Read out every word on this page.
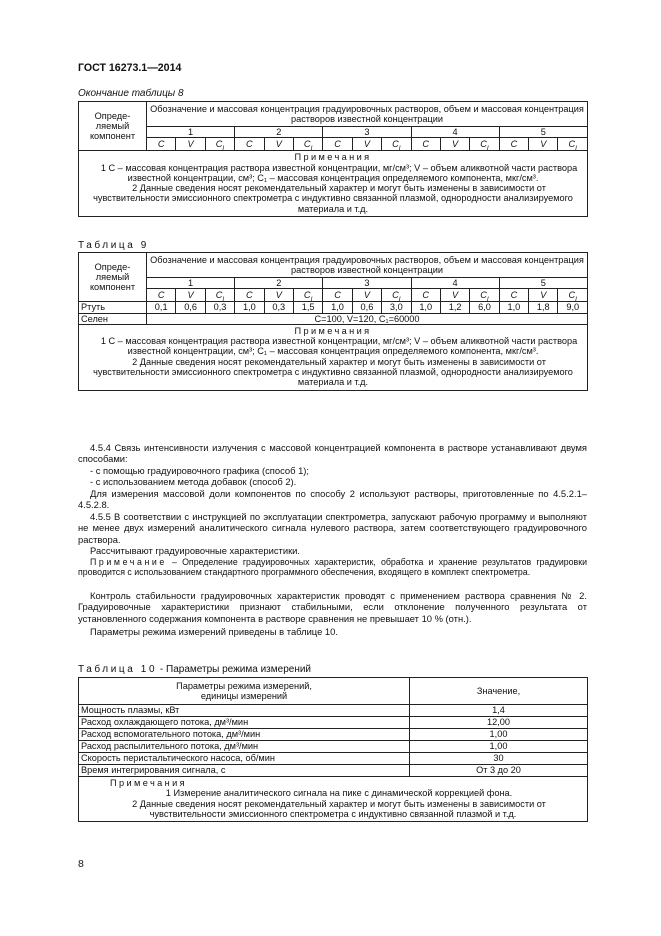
ГОСТ 16273.1—2014
Окончание таблицы 8
Опреде-
ляемый
компонент	Обозначение и массовая концентрация градуировочных растворов, объем и массовая концентрация растворов известной концентрации														
	1			2			3			4			5		
	C	V	$C_I$	C	V	$C_I$	C	V	$C_I$	C	V	$C_I$	C	V	$C_I$

Примечания

1 С – массовая концентрация раствора известной концентрации, мг/см³; V – объем аликвотной части раствора известной концентрации, см³; C₁ – массовая концентрация определяемого компонента, мкг/см³.

2 Данные сведения носят рекомендательный характер и могут быть изменены в зависимости от чувствительности эмиссионного спектрометра с индуктивно связанной плазмой, однородности анализируемого материала и т.д.															

Таблица 9
Опреде-
ляемый
компонент	Обозначение и массовая концентрация градуировочных растворов, объем и массовая концентрация растворов известной концентрации														
	1			2			3			4			5		
	C	V	$C_I$	C	V	$C_I$	C	V	$C_I$	C	V	$C_I$	C	V	$C_I$
Ртуть	0,1	0,6	0,3	1,0	0,3	1,5	1,0	0,6	3,0	1,0	1,2	6,0	1,0	1,8	9,0
Селен	C=100, V=120, C₁=60000														

Примечания

1 С – массовая концентрация раствора известной концентрации, мг/см³; V – объем аликвотной части раствора известной концентрации, см³; C₁ – массовая концентрация определяемого компонента, мкг/см³.

2 Данные сведения носят рекомендательный характер и могут быть изменены в зависимости от чувствительности эмиссионного спектрометра с индуктивно связанной плазмой, однородности анализируемого материала и т.д.															

4.5.4 Связь интенсивности излучения с массовой концентрацией компонента в растворе устанавливают двумя способами:

- с помощью градуировочного графика (способ 1);

- с использованием метода добавок (способ 2).

Для измерения массовой доли компонентов по способу 2 используют растворы, приготовленные по 4.5.2.1–4.5.2.8.

4.5.5 В соответствии с инструкцией по эксплуатации спектрометра, запускают рабочую программу и выполняют не менее двух измерений аналитического сигнала нулевого раствора, затем соответствующего градуировочного раствора.

Рассчитывают градуировочные характеристики.

Примечание – Определение градуировочных характеристик, обработка и хранение результатов градуировки проводится с использованием стандартного программного обеспечения, входящего в комплект спектрометра.

Контроль стабильности градуировочных характеристик проводят с применением раствора сравнения № 2. Градуировочные характеристики признают стабильными, если отклонение полученного результата от установленного содержания компонента в растворе сравнения не превышает 10 % (отн.).

Параметры режима измерений приведены в таблице 10.

Таблица 10 - Параметры режима измерений
Параметры режима измерений,
единицы измерений	Значение,
Мощность плазмы, кВт	1,4
Расход охлаждающего потока, дм³/мин	12,00
Расход вспомогательного потока, дм³/мин	1,00
Расход распылительного потока, дм³/мин	1,00
Скорость перистальтического насоса, об/мин	30
Время интегрирования сигнала, с	От 3 до 20

Примечания

1 Измерение аналитического сигнала на пике с динамической коррекцией фона.

2 Данные сведения носят рекомендательный характер и могут быть изменены в зависимости от чувствительности эмиссионного спектрометра с индуктивно связанной плазмой и т.д.	

8
